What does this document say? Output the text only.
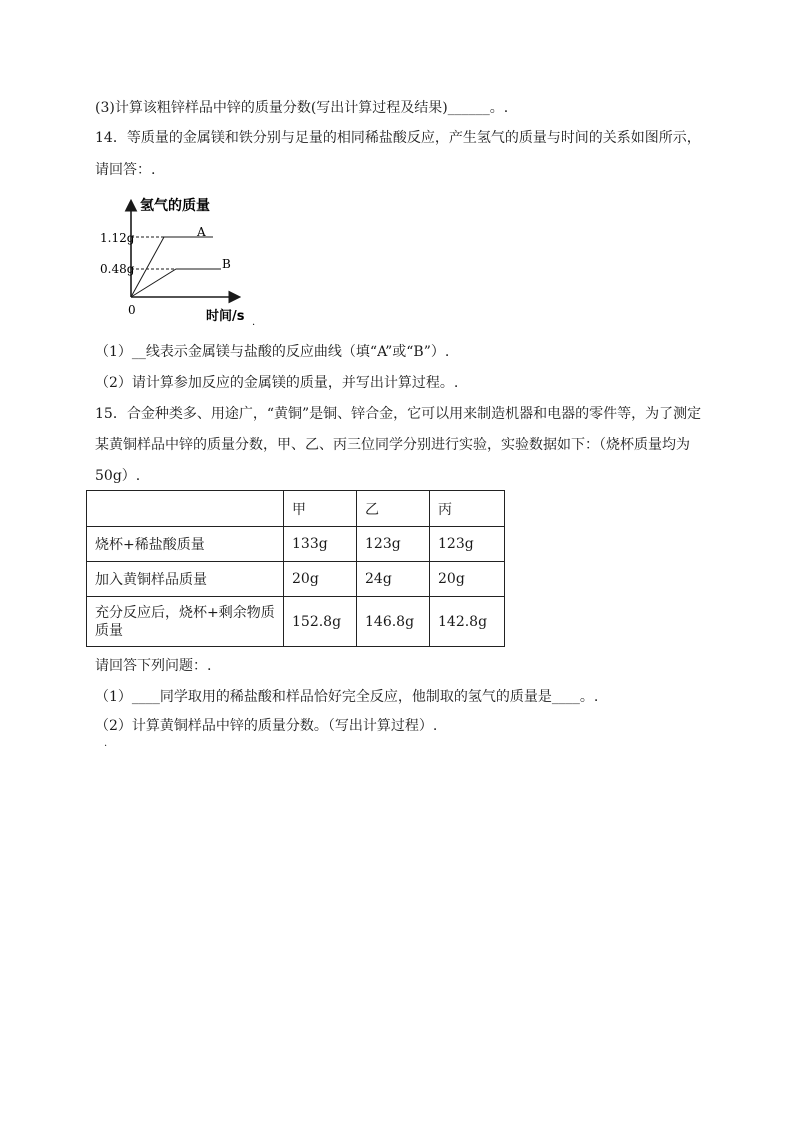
(3)计算该粗锌样品中锌的质量分数(写出计算过程及结果)______。.
14．等质量的金属镁和铁分别与足量的相同稀盐酸反应，产生氢气的质量与时间的关系如图所示，
请回答：.
氢气的质量
时间/s
0
1.12g
0.48g
A
B
.
（1）__线表示金属镁与盐酸的反应曲线（填“A”或“B”）.
（2）请计算参加反应的金属镁的质量，并写出计算过程。.
15．合金种类多、用途广，“黄铜”是铜、锌合金，它可以用来制造机器和电器的零件等，为了测定
某黄铜样品中锌的质量分数，甲、乙、丙三位同学分别进行实验，实验数据如下：（烧杯质量均为
50g）.
	甲	乙	丙
烧杯+稀盐酸质量	133g	123g	123g
加入黄铜样品质量	20g	24g	20g
充分反应后，烧杯+剩余物质质量	152.8g	146.8g	142.8g
请回答下列问题：.
（1）____同学取用的稀盐酸和样品恰好完全反应，他制取的氢气的质量是____。.
（2）计算黄铜样品中锌的质量分数。（写出计算过程）.
.
